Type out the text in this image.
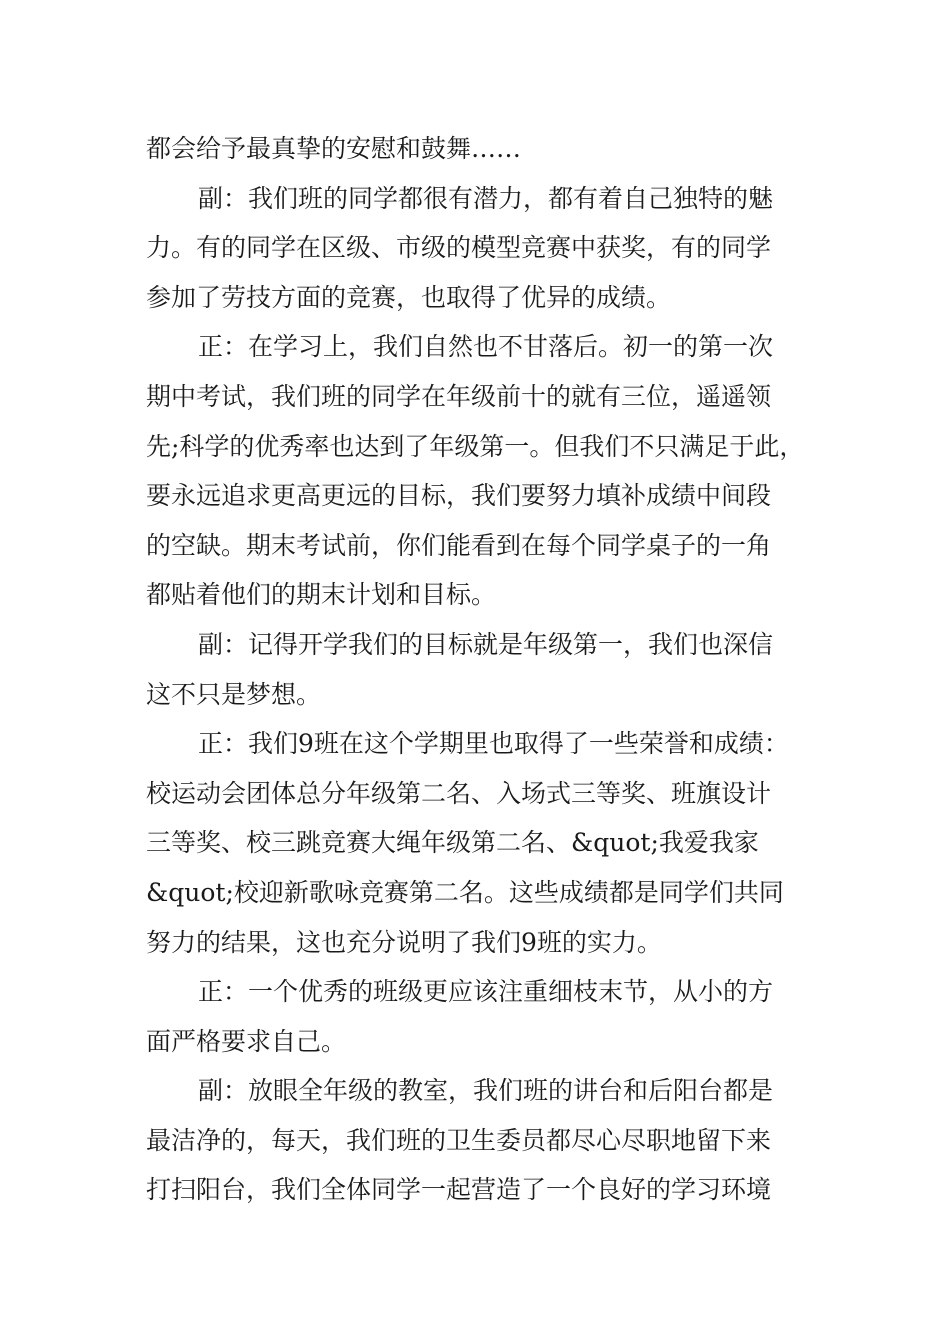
都会给予最真挚的安慰和鼓舞……
副：我们班的同学都很有潜力，都有着自己独特的魅
力。有的同学在区级、市级的模型竞赛中获奖，有的同学
参加了劳技方面的竞赛，也取得了优异的成绩。
正：在学习上，我们自然也不甘落后。初一的第一次
期中考试，我们班的同学在年级前十的就有三位，遥遥领
先;科学的优秀率也达到了年级第一。但我们不只满足于此，
要永远追求更高更远的目标，我们要努力填补成绩中间段
的空缺。期末考试前，你们能看到在每个同学桌子的一角
都贴着他们的期末计划和目标。
副：记得开学我们的目标就是年级第一，我们也深信
这不只是梦想。
正：我们9班在这个学期里也取得了一些荣誉和成绩：
校运动会团体总分年级第二名、入场式三等奖、班旗设计
三等奖、校三跳竞赛大绳年级第二名、&quot;我爱我家
&quot;校迎新歌咏竞赛第二名。这些成绩都是同学们共同
努力的结果，这也充分说明了我们9班的实力。
正：一个优秀的班级更应该注重细枝末节，从小的方
面严格要求自己。
副：放眼全年级的教室，我们班的讲台和后阳台都是
最洁净的，每天，我们班的卫生委员都尽心尽职地留下来
打扫阳台，我们全体同学一起营造了一个良好的学习环境
